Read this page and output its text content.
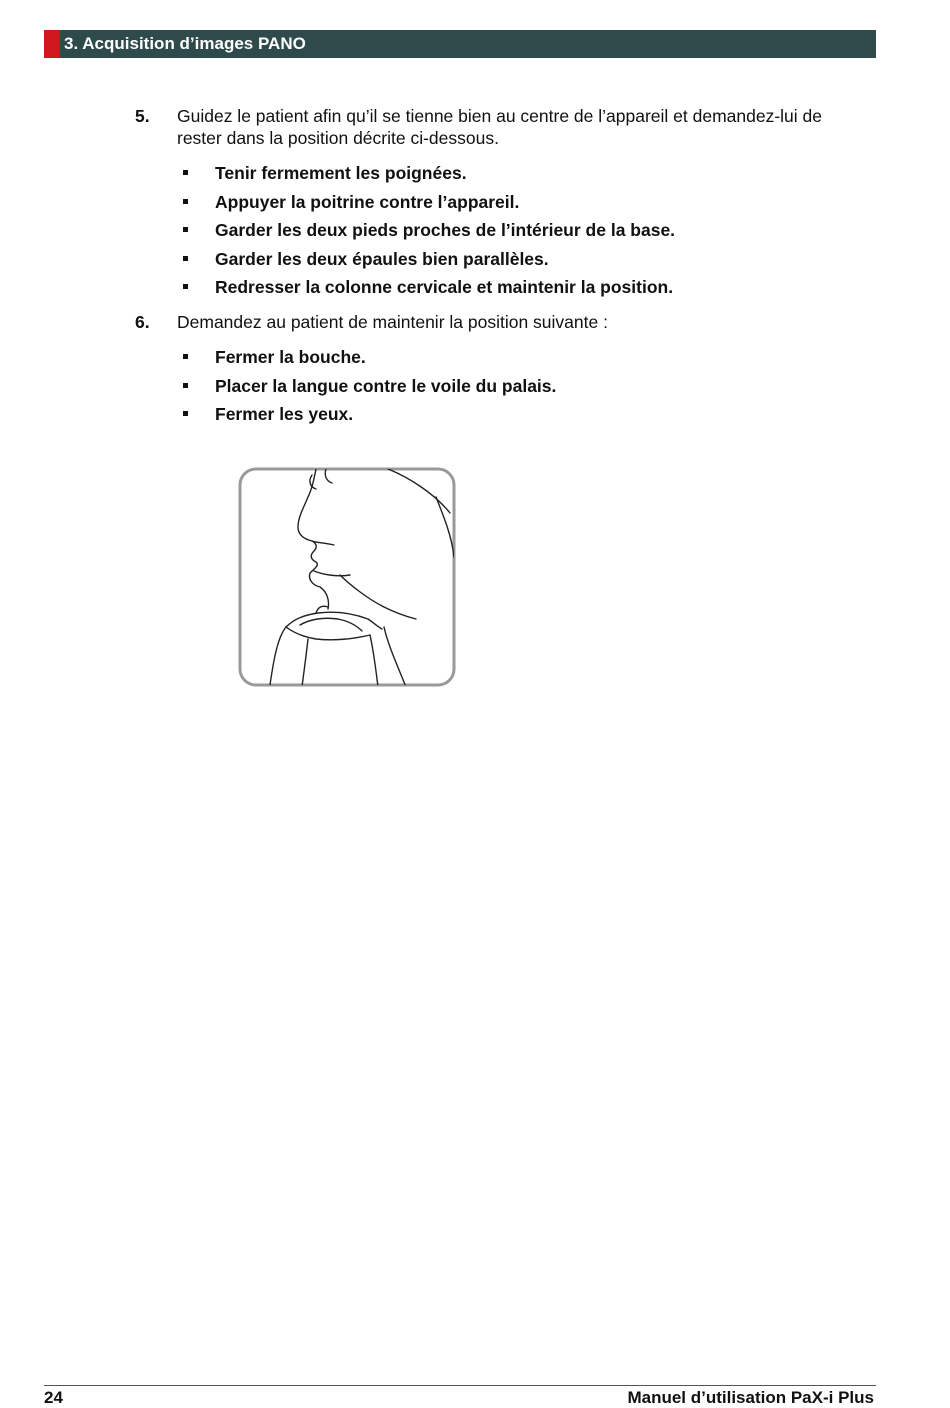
3. Acquisition d’images PANO
5. Guidez le patient afin qu’il se tienne bien au centre de l’appareil et demandez-lui de rester dans la position décrite ci-dessous.
Tenir fermement les poignées.
Appuyer la poitrine contre l’appareil.
Garder les deux pieds proches de l’intérieur de la base.
Garder les deux épaules bien parallèles.
Redresser la colonne cervicale et maintenir la position.
6. Demandez au patient de maintenir la position suivante :
Fermer la bouche.
Placer la langue contre le voile du palais.
Fermer les yeux.
24	Manuel d’utilisation PaX-i Plus
